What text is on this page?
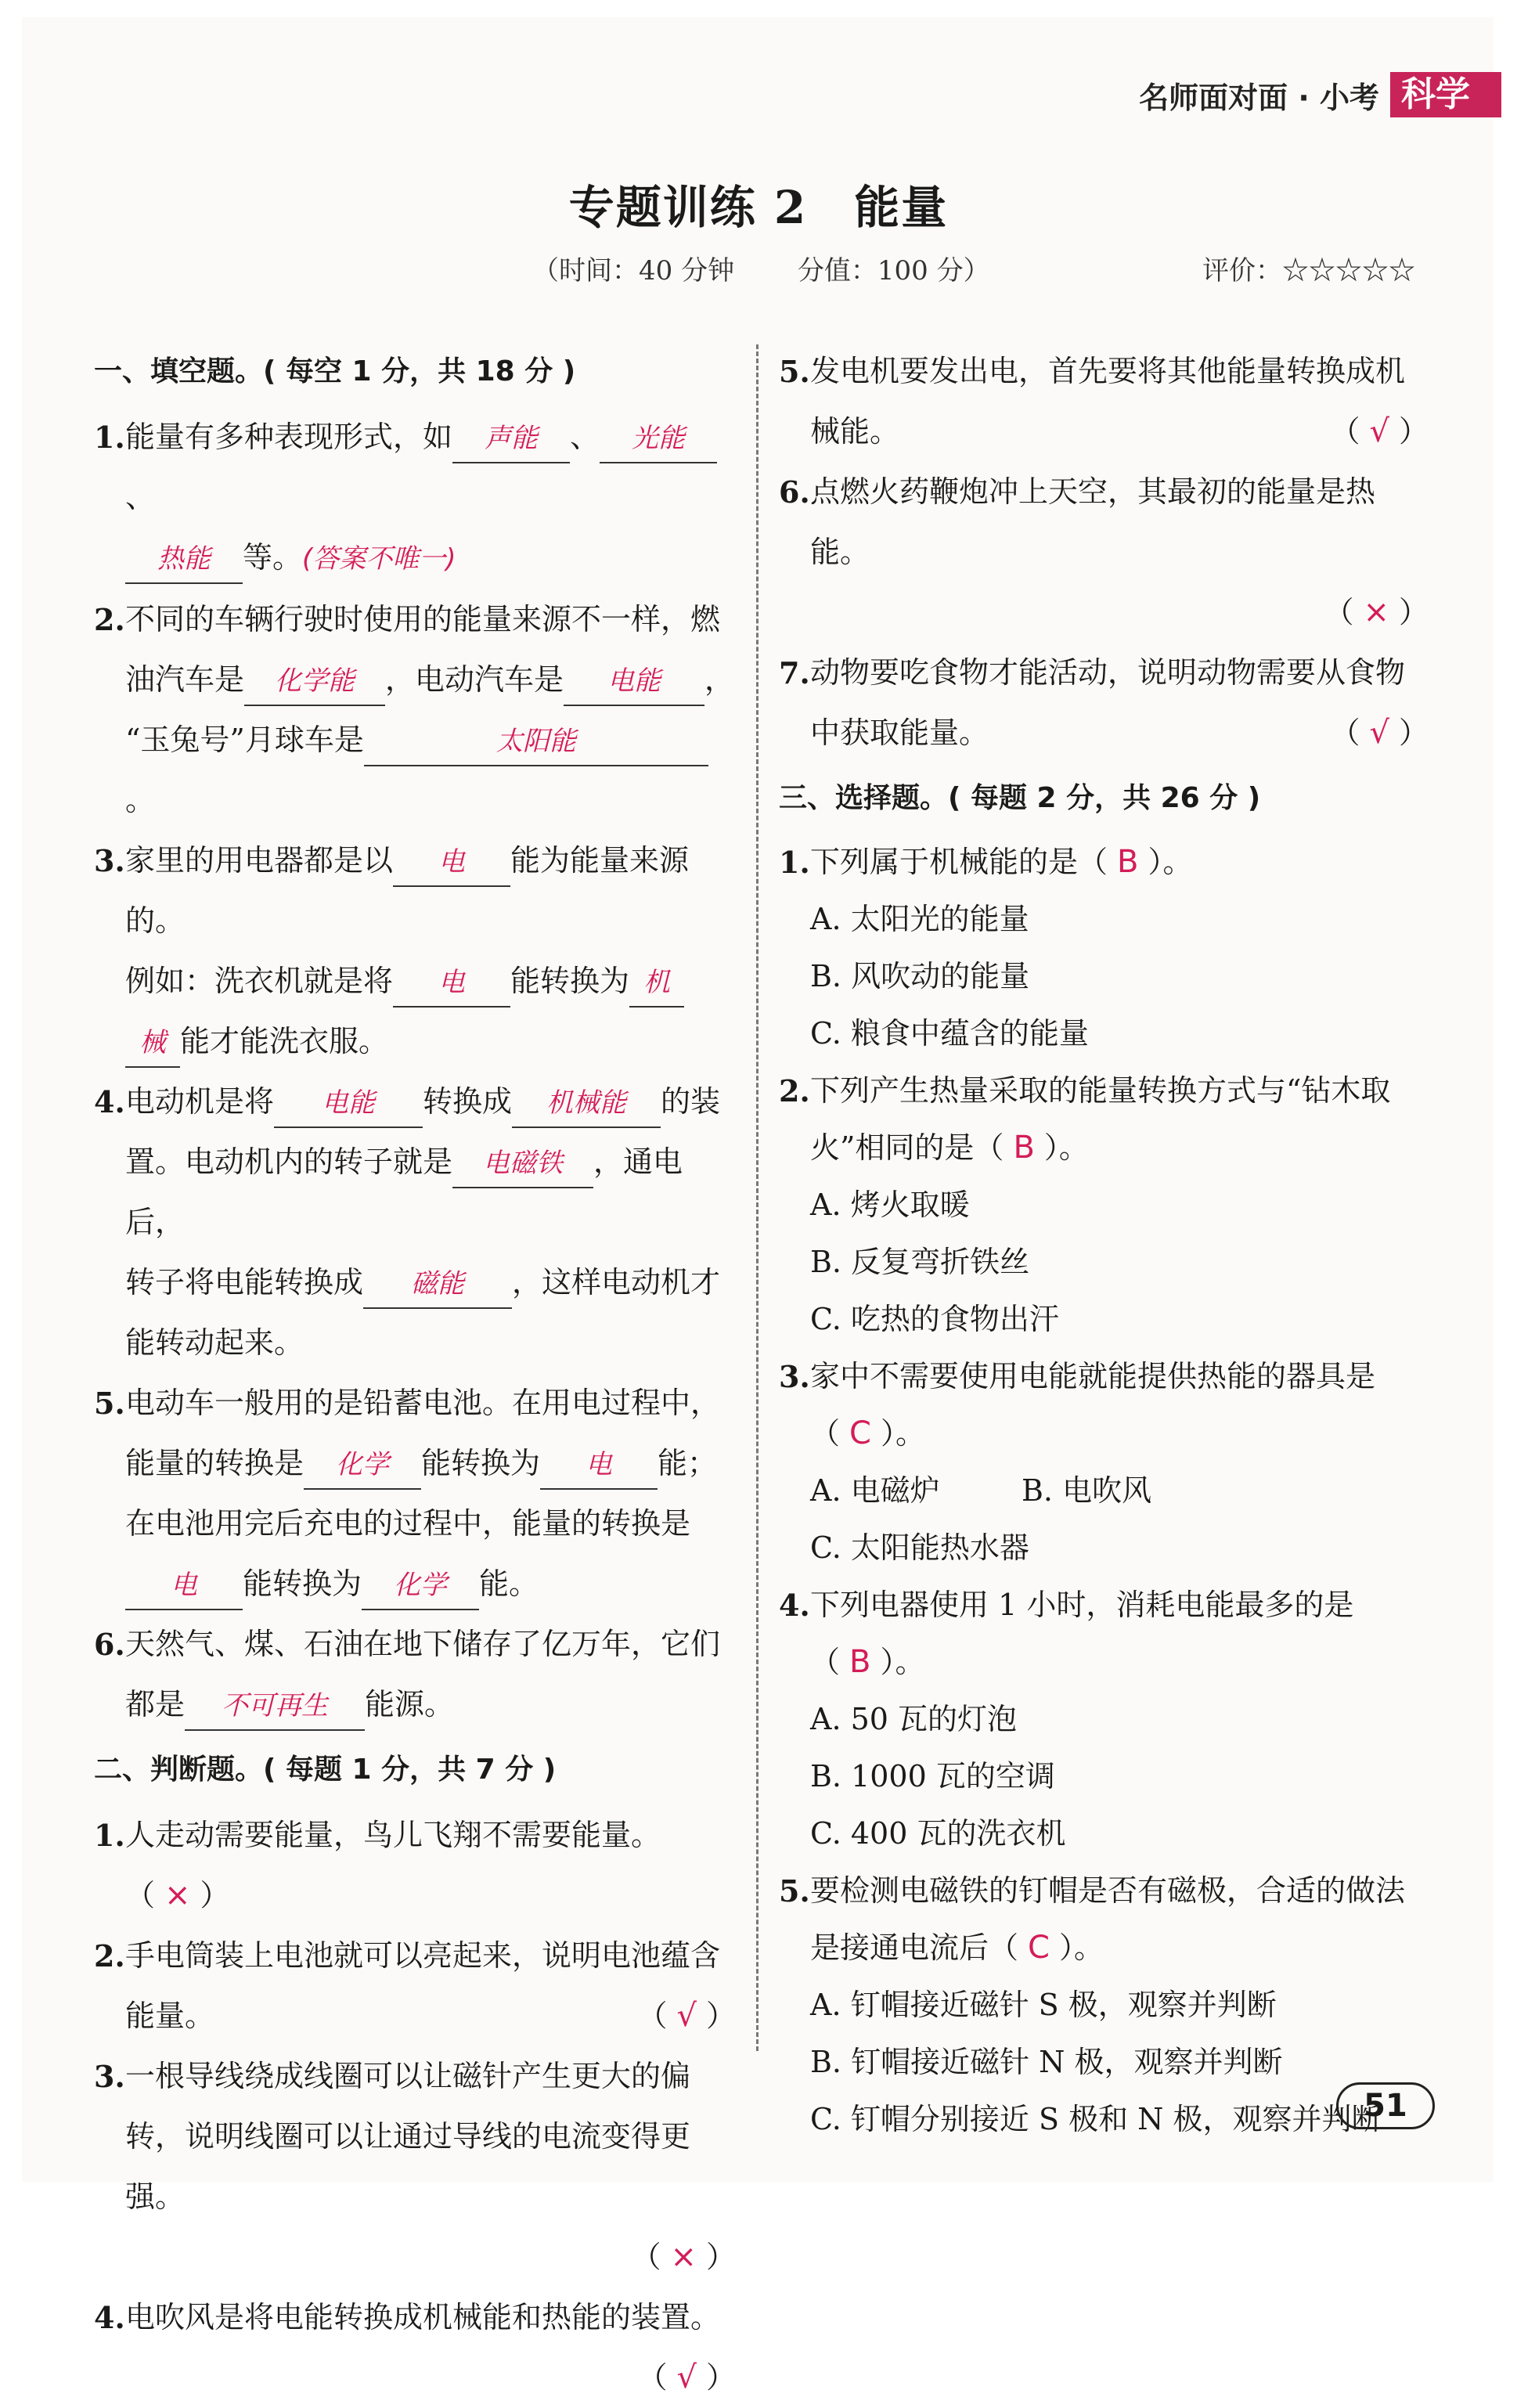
名师面对面 · 小考 科学
专题训练 2　能量
（时间：40 分钟 分值：100 分）	评价：☆☆☆☆☆
一、填空题。( 每空 1 分，共 18 分 )
1. 能量有多种表现形式，如 声能 、 光能、
热能 等。(答案不唯一)
2. 不同的车辆行驶时使用的能量来源不一样，燃
油汽车是 化学能 ，电动汽车是 电能 ，
“玉兔号”月球车是	太阳能。
3. 家里的用电器都是以 电 能为能量来源的。
例如：洗衣机就是将 电 能转换为 机
械 能才能洗衣服。
4. 电动机是将 电能 转换成 机械能 的装
置。电动机内的转子就是 电磁铁 ，通电后，
转子将电能转换成 磁能 ，这样电动机才
能转动起来。
5. 电动车一般用的是铅蓄电池。在用电过程中，
能量的转换是 化学 能转换为 电 能；
在电池用完后充电的过程中，能量的转换是
电 能转换为 化学 能。
6. 天然气、煤、石油在地下储存了亿万年，它们
都是 不可再生 能源。
二、判断题。( 每题 1 分，共 7 分 )
1. 人走动需要能量，鸟儿飞翔不需要能量。（ × ）
2. 手电筒装上电池就可以亮起来，说明电池蕴含
能量。	（ √ ）
3. 一根导线绕成线圈可以让磁针产生更大的偏
转，说明线圈可以让通过导线的电流变得更强。

（ × ）

4. 电吹风是将电能转换成机械能和热能的装置。

（ √ ）

5. 发电机要发出电，首先要将其他能量转换成机
械能。	（ √ ）
6. 点燃火药鞭炮冲上天空，其最初的能量是热能。

（ × ）

7. 动物要吃食物才能活动，说明动物需要从食物
中获取能量。	（ √ ）
三、选择题。( 每题 2 分，共 26 分 )
1. 下列属于机械能的是（ B ）。
A. 太阳光的能量
B. 风吹动的能量
C. 粮食中蕴含的能量
2. 下列产生热量采取的能量转换方式与“钻木取
火”相同的是（ B ）。
A. 烤火取暖
B. 反复弯折铁丝
C. 吃热的食物出汗
3. 家中不需要使用电能就能提供热能的器具是
（ C ）。
A. 电磁炉	B. 电吹风
C. 太阳能热水器
4. 下列电器使用 1 小时，消耗电能最多的是（ B ）。
A. 50 瓦的灯泡
B. 1000 瓦的空调
C. 400 瓦的洗衣机
5. 要检测电磁铁的钉帽是否有磁极，合适的做法
是接通电流后（ C ）。
A. 钉帽接近磁针 S 极，观察并判断
B. 钉帽接近磁针 N 极，观察并判断
C. 钉帽分别接近 S 极和 N 极，观察并判断
51
